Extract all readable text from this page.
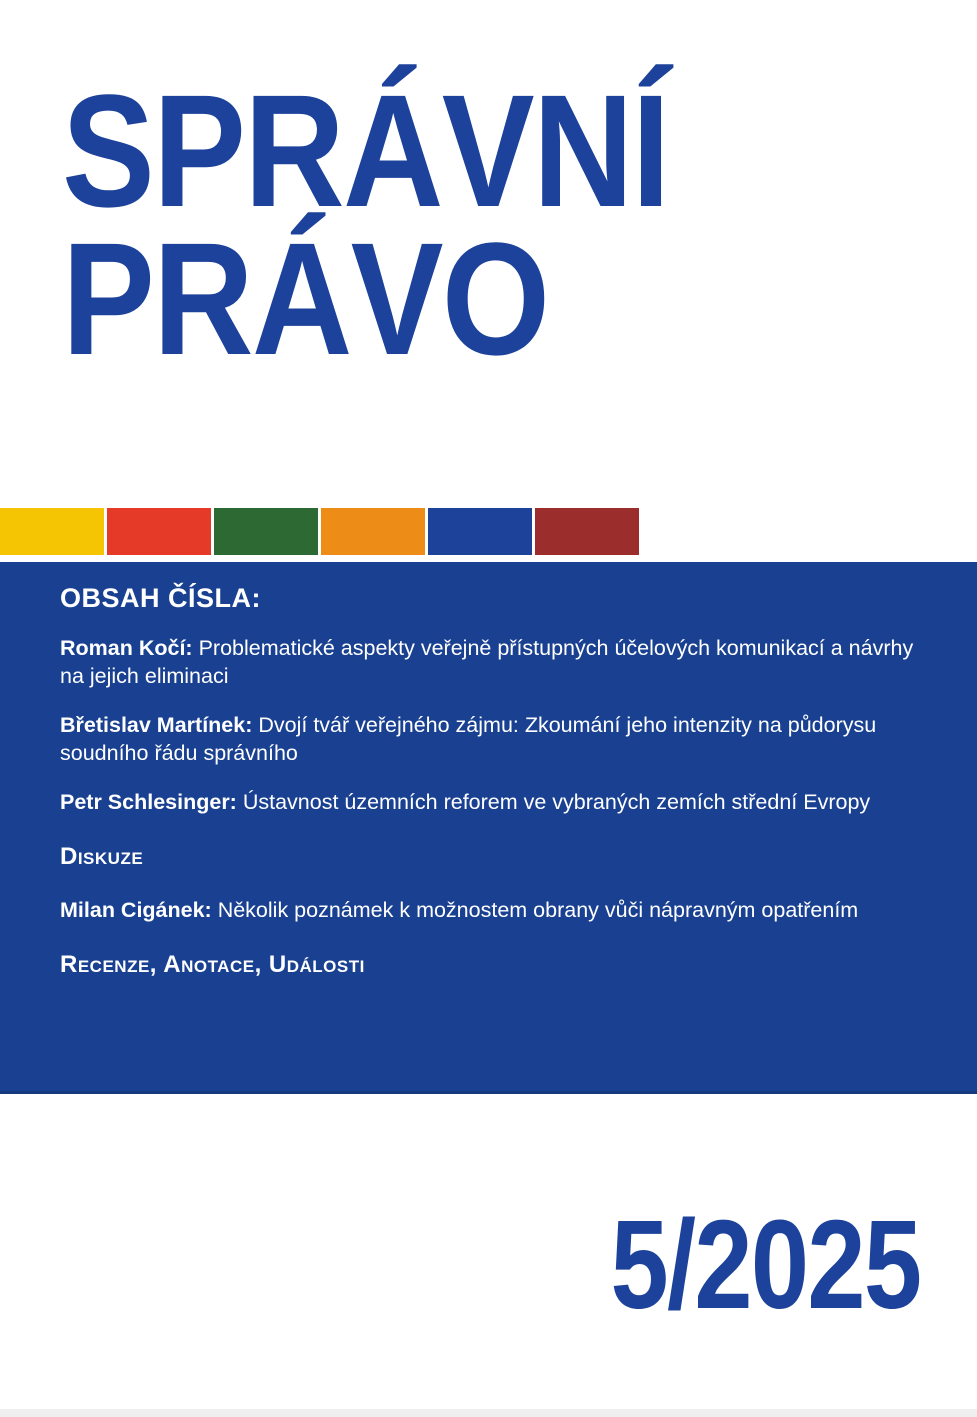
SPRÁVNÍ
PRÁVO
OBSAH ČÍSLA:

Roman Kočí: Problematické aspekty veřejně přístupných účelových komunikací a návrhy na jejich eliminaci

Břetislav Martínek: Dvojí tvář veřejného zájmu: Zkoumání jeho intenzity na půdorysu soudního řádu správního

Petr Schlesinger: Ústavnost územních reforem ve vybraných zemích střední Evropy

Diskuze

Milan Cigánek: Několik poznámek k možnostem obrany vůči nápravným opatřením

Recenze, Anotace, Události
5/2025
